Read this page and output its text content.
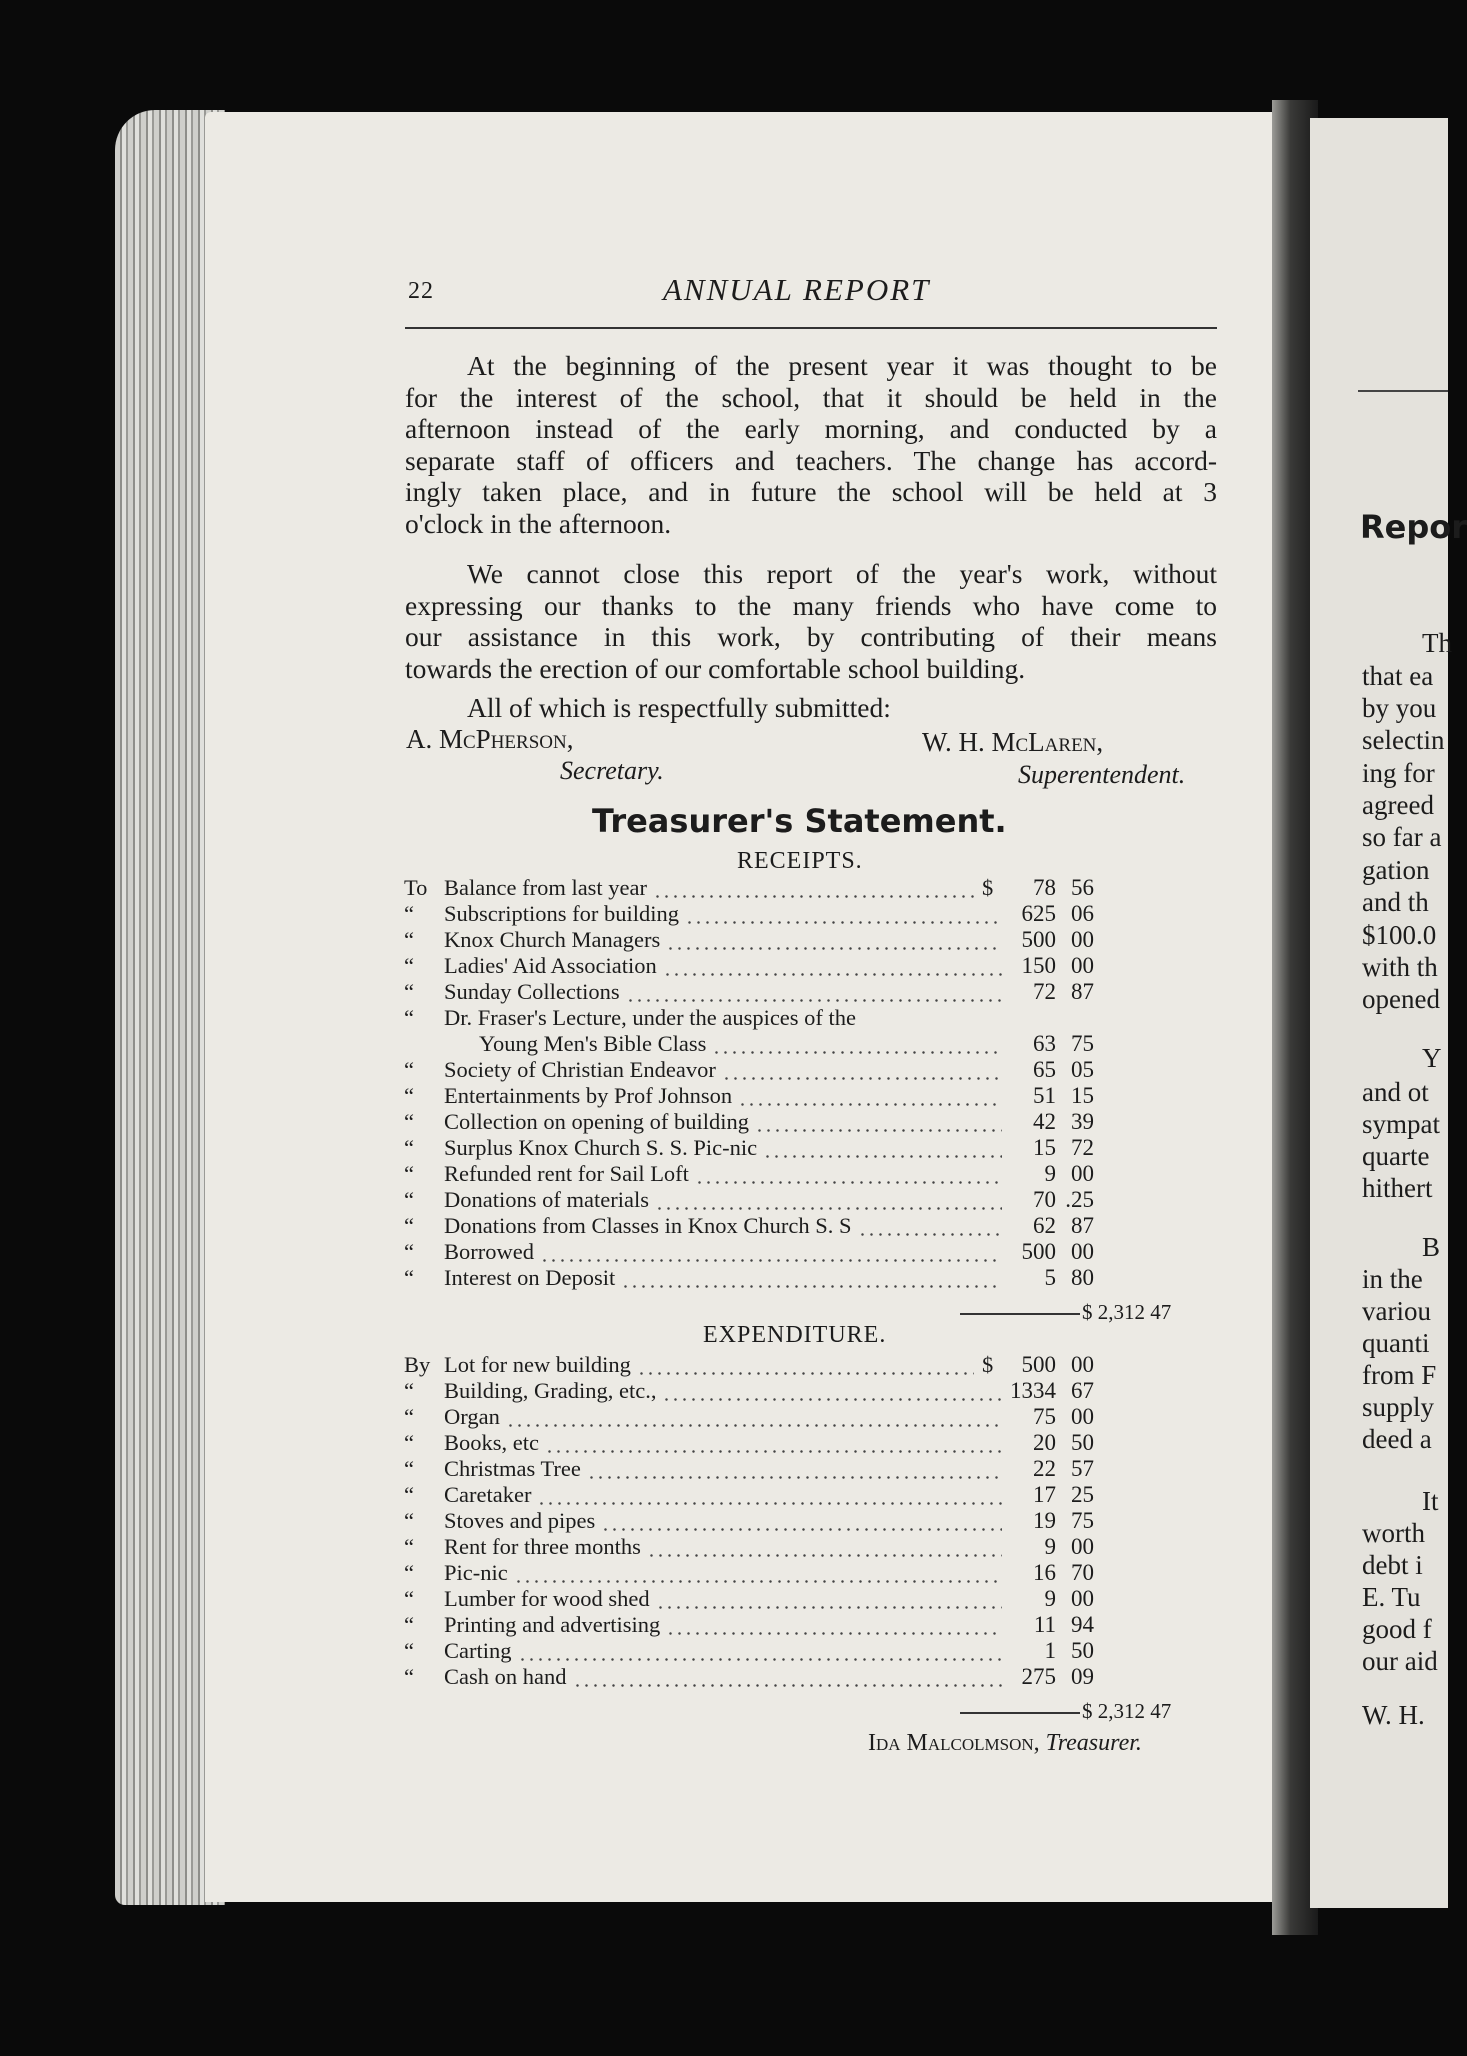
Repor
Th
that ea
by you
selectin
ing for
agreed
so far a
gation
and th
$100.0
with th
opened
Y
and ot
sympat
quarte
hithert
B
in the
variou
quanti
from F
supply
deed a
It
worth
debt i
E. Tu
good f
our aid
W. H.
22	ANNUAL REPORT
At the beginning of the present year it was thought to be
for the interest of the school, that it should be held in the
afternoon instead of the early morning, and conducted by a
separate staff of officers and teachers. The change has accord-
ingly taken place, and in future the school will be held at 3
o'clock in the afternoon.
We cannot close this report of the year's work, without
expressing our thanks to the many friends who have come to
our assistance in this work, by contributing of their means
towards the erection of our comfortable school building.
All of which is respectfully submitted:
A. McPherson,
Secretary.
W. H. McLaren,
Superentendent.
Treasurer's Statement.
RECEIPTS.
To Balance from last year	$	78 56
“ Subscriptions for building	625 06
“ Knox Church Managers	500 00
“ Ladies' Aid Association	150 00
“ Sunday Collections	72 87
“ Dr. Fraser's Lecture, under the auspices of the
Young Men's Bible Class	63 75
“ Society of Christian Endeavor	65 05
“ Entertainments by Prof Johnson	51 15
“ Collection on opening of building	42 39
“ Surplus Knox Church S. S. Pic-nic	15 72
“ Refunded rent for Sail Loft	9 00
“ Donations of materials	70 .25
“ Donations from Classes in Knox Church S. S	62 87
“ Borrowed	500 00
“ Interest on Deposit	5 80
$ 2,312 47
EXPENDITURE.
By Lot for new building	$	500 00
“ Building, Grading, etc.,	1334 67
“ Organ	75 00
“ Books, etc	20 50
“ Christmas Tree	22 57
“ Caretaker	17 25
“ Stoves and pipes	19 75
“ Rent for three months	9 00
“ Pic-nic	16 70
“ Lumber for wood shed	9 00
“ Printing and advertising	11 94
“ Carting	1 50
“ Cash on hand	275 09
$ 2,312 47
Ida Malcolmson, Treasurer.
